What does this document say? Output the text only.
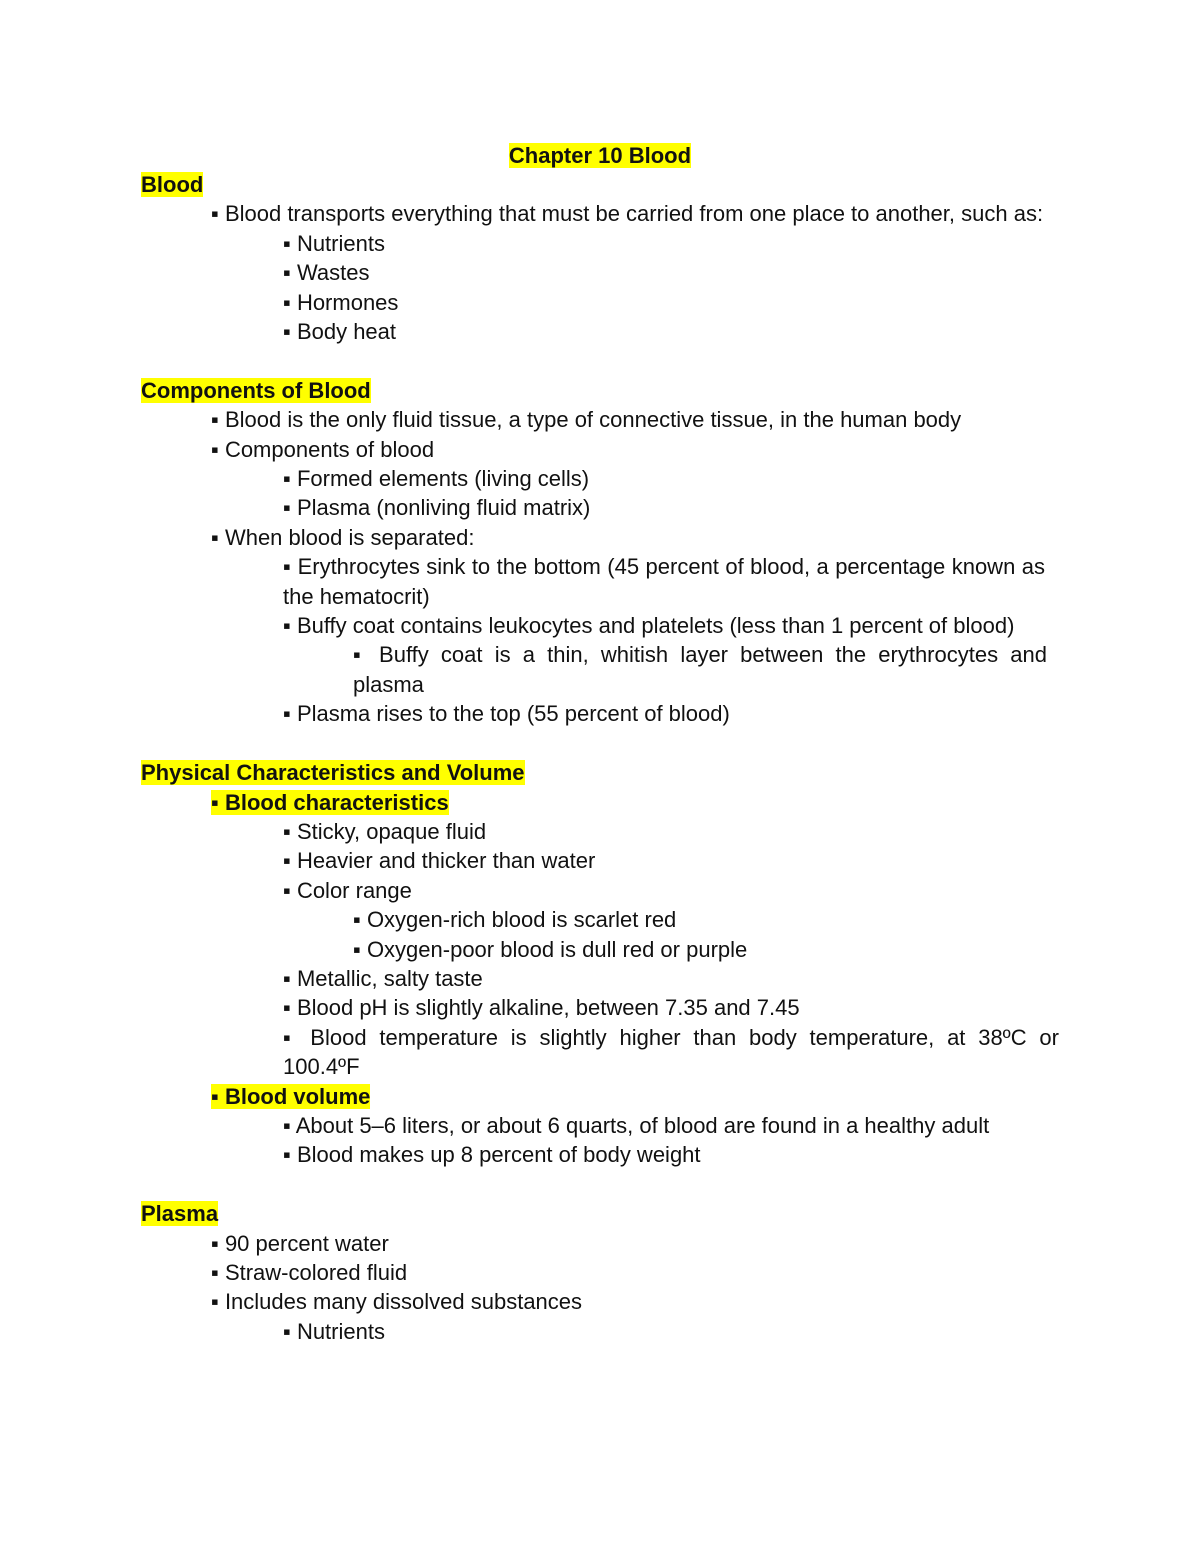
Chapter 10 Blood

Blood

▪ Blood transports everything that must be carried from one place to another, such as:

▪ Nutrients

▪ Wastes

▪ Hormones

▪ Body heat

Components of Blood

▪ Blood is the only fluid tissue, a type of connective tissue, in the human body

▪ Components of blood

▪ Formed elements (living cells)

▪ Plasma (nonliving fluid matrix)

▪ When blood is separated:

▪ Erythrocytes sink to the bottom (45 percent of blood, a percentage known as the hematocrit)

▪ Buffy coat contains leukocytes and platelets (less than 1 percent of blood)

▪ Buffy coat is a thin, whitish layer between the erythrocytes and plasma

▪ Plasma rises to the top (55 percent of blood)

Physical Characteristics and Volume

▪ Blood characteristics

▪ Sticky, opaque fluid

▪ Heavier and thicker than water

▪ Color range

▪ Oxygen-rich blood is scarlet red

▪ Oxygen-poor blood is dull red or purple

▪ Metallic, salty taste

▪ Blood pH is slightly alkaline, between 7.35 and 7.45

▪ Blood temperature is slightly higher than body temperature, at 38ºC or 100.4ºF

▪ Blood volume

▪ About 5–6 liters, or about 6 quarts, of blood are found in a healthy adult

▪ Blood makes up 8 percent of body weight

Plasma

▪ 90 percent water

▪ Straw-colored fluid

▪ Includes many dissolved substances

▪ Nutrients
